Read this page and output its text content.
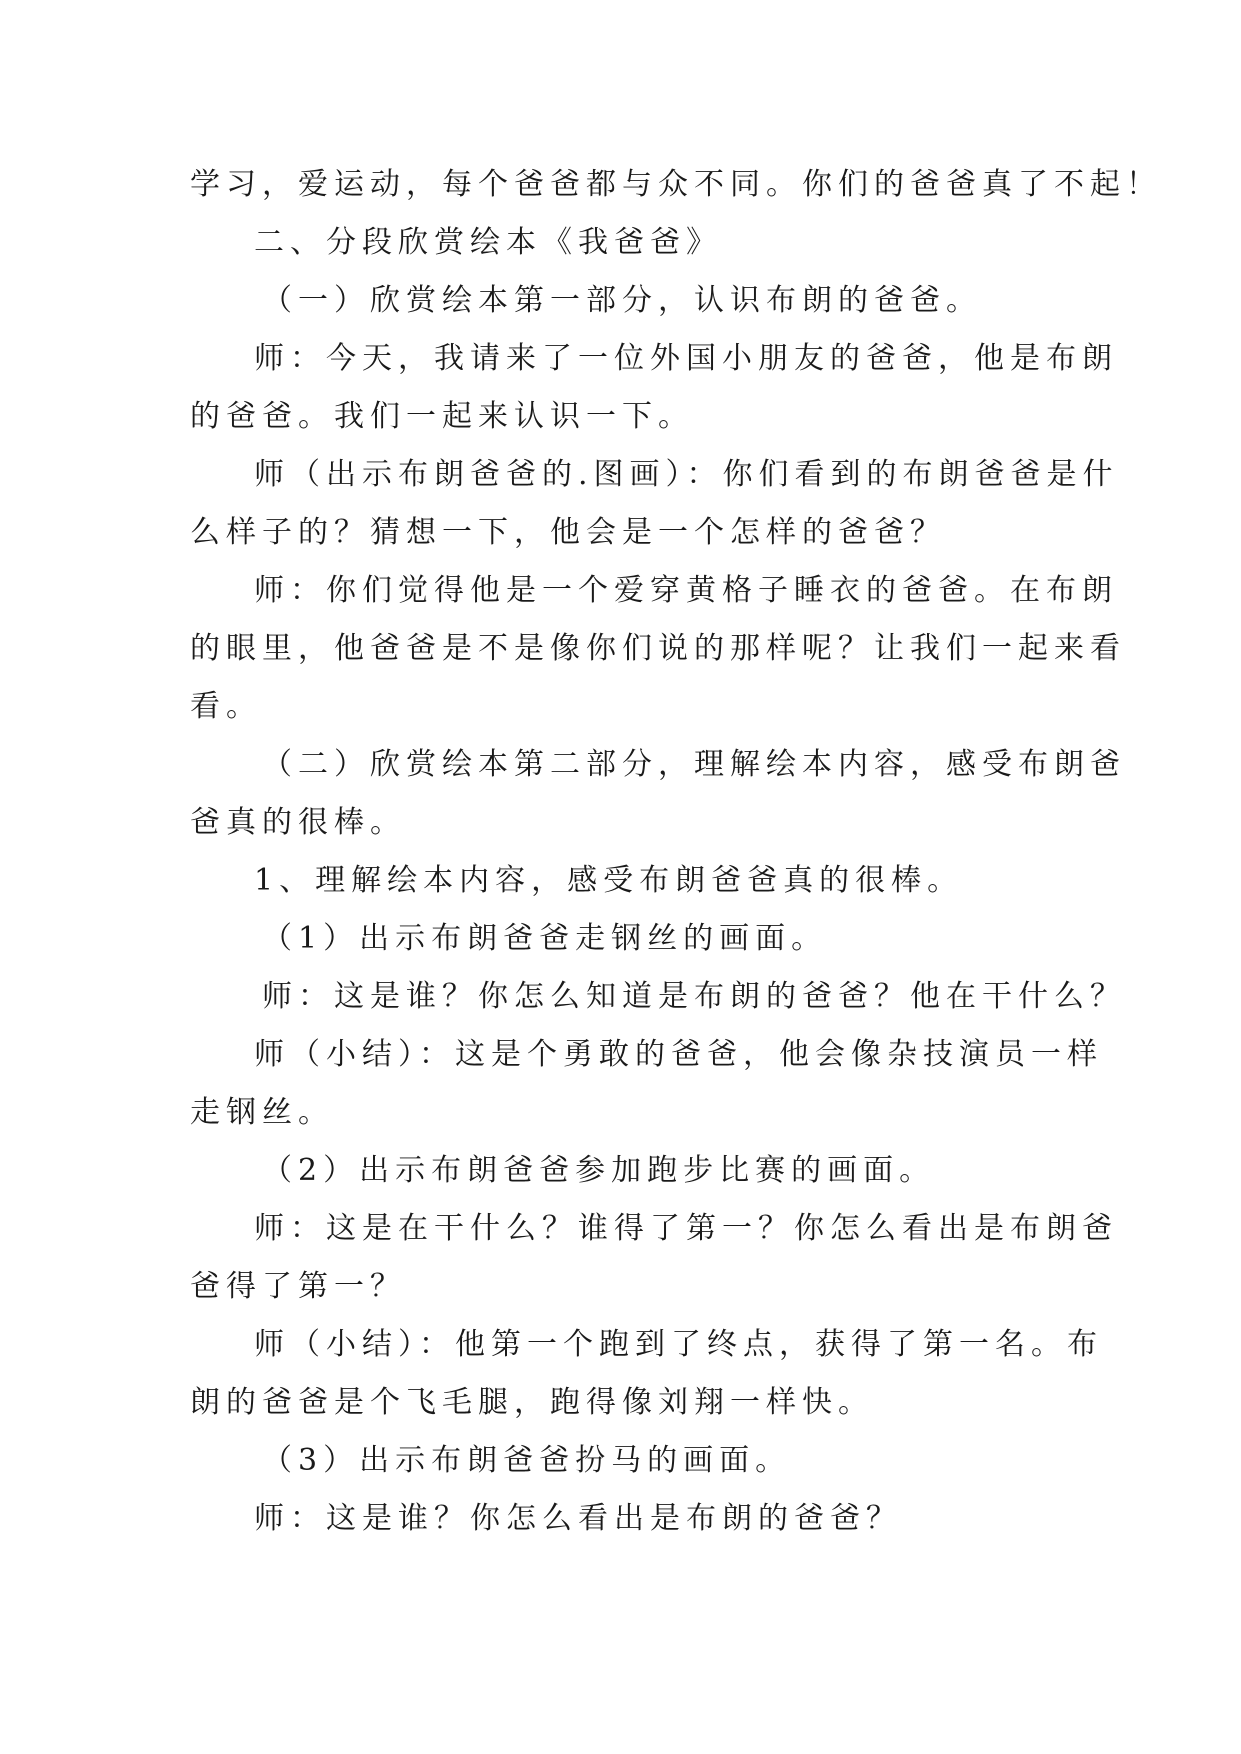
学习，爱运动，每个爸爸都与众不同。你们的爸爸真了不起！
二、分段欣赏绘本《我爸爸》
（一）欣赏绘本第一部分，认识布朗的爸爸。
师：今天，我请来了一位外国小朋友的爸爸，他是布朗
的爸爸。我们一起来认识一下。
师（出示布朗爸爸的.图画）：你们看到的布朗爸爸是什
么样子的？猜想一下，他会是一个怎样的爸爸？
师：你们觉得他是一个爱穿黄格子睡衣的爸爸。在布朗
的眼里，他爸爸是不是像你们说的那样呢？让我们一起来看
看。
（二）欣赏绘本第二部分，理解绘本内容，感受布朗爸
爸真的很棒。
1、理解绘本内容，感受布朗爸爸真的很棒。
（1）出示布朗爸爸走钢丝的画面。
师：这是谁？你怎么知道是布朗的爸爸？他在干什么？
师（小结）：这是个勇敢的爸爸，他会像杂技演员一样
走钢丝。
（2）出示布朗爸爸参加跑步比赛的画面。
师：这是在干什么？谁得了第一？你怎么看出是布朗爸
爸得了第一？
师（小结）：他第一个跑到了终点，获得了第一名。布
朗的爸爸是个飞毛腿，跑得像刘翔一样快。
（3）出示布朗爸爸扮马的画面。
师：这是谁？你怎么看出是布朗的爸爸？
